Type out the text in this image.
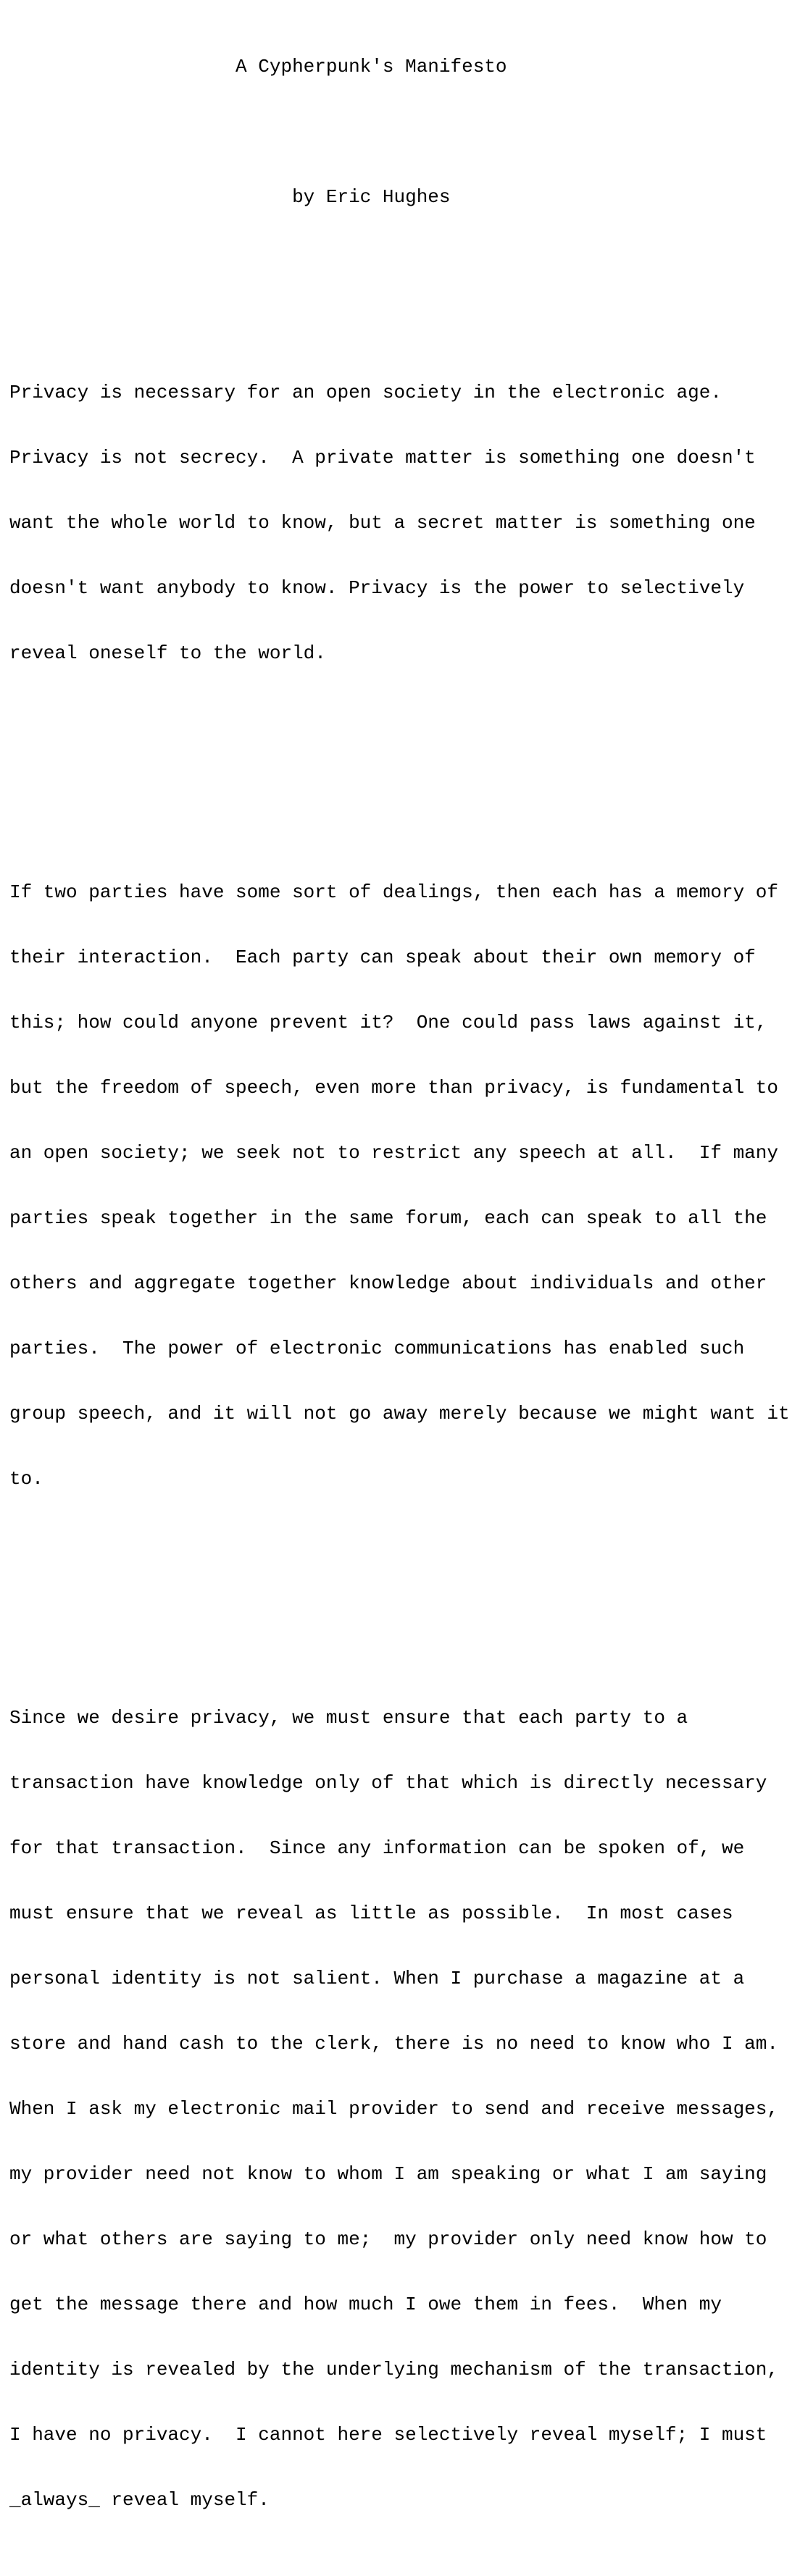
A Cypherpunk's Manifesto

by Eric Hughes

Privacy is necessary for an open society in the electronic age.

Privacy is not secrecy.  A private matter is something one doesn't

want the whole world to know, but a secret matter is something one

doesn't want anybody to know. Privacy is the power to selectively

reveal oneself to the world.

If two parties have some sort of dealings, then each has a memory of

their interaction.  Each party can speak about their own memory of

this; how could anyone prevent it?  One could pass laws against it,

but the freedom of speech, even more than privacy, is fundamental to

an open society; we seek not to restrict any speech at all.  If many

parties speak together in the same forum, each can speak to all the

others and aggregate together knowledge about individuals and other

parties.  The power of electronic communications has enabled such

group speech, and it will not go away merely because we might want it

to.

Since we desire privacy, we must ensure that each party to a

transaction have knowledge only of that which is directly necessary

for that transaction.  Since any information can be spoken of, we

must ensure that we reveal as little as possible.  In most cases

personal identity is not salient. When I purchase a magazine at a

store and hand cash to the clerk, there is no need to know who I am.

When I ask my electronic mail provider to send and receive messages,

my provider need not know to whom I am speaking or what I am saying

or what others are saying to me;  my provider only need know how to

get the message there and how much I owe them in fees.  When my

identity is revealed by the underlying mechanism of the transaction,

I have no privacy.  I cannot here selectively reveal myself; I must

_always_ reveal myself.
